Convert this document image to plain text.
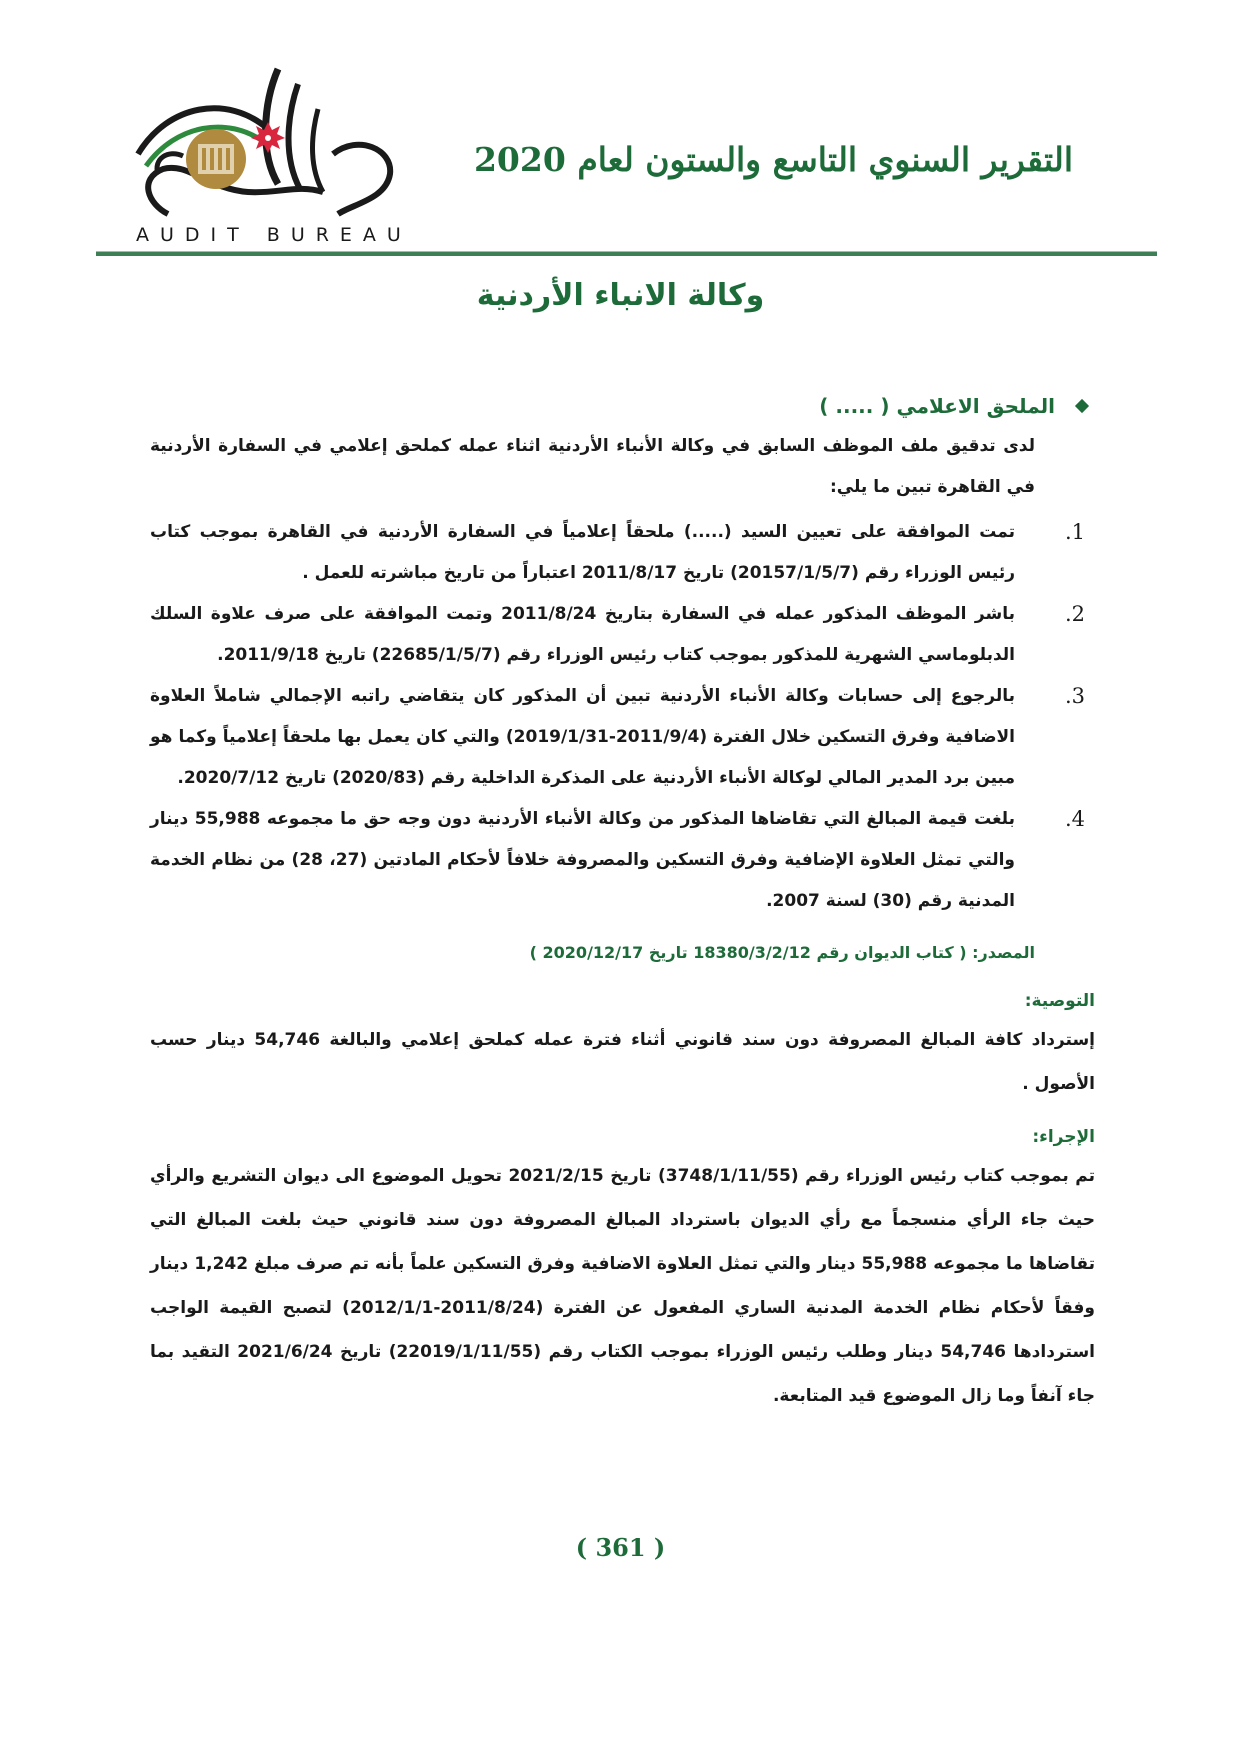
AUDIT BUREAU
التقرير السنوي التاسع والستون لعام 2020
وكالة الانباء الأردنية
الملحق الاعلامي ( ..... )
لدى تدقيق ملف الموظف السابق في وكالة الأنباء الأردنية اثناء عمله كملحق إعلامي في السفارة الأردنية في القاهرة تبين ما يلي:
1.
تمت الموافقة على تعيين السيد (.....) ملحقاً إعلامياً في السفارة الأردنية في القاهرة بموجب كتاب رئيس الوزراء رقم (20157/1/5/7) تاريخ 2011/8/17 اعتباراً من تاريخ مباشرته للعمل .
2.
باشر الموظف المذكور عمله في السفارة بتاريخ 2011/8/24 وتمت الموافقة على صرف علاوة السلك الدبلوماسي الشهرية للمذكور بموجب كتاب رئيس الوزراء رقم (22685/1/5/7) تاريخ 2011/9/18.
3.
بالرجوع إلى حسابات وكالة الأنباء الأردنية تبين أن المذكور كان يتقاضي راتبه الإجمالي شاملاً العلاوة الاضافية وفرق التسكين خلال الفترة (2011/9/4-2019/1/31) والتي كان يعمل بها ملحقاً إعلامياً وكما هو مبين برد المدير المالي لوكالة الأنباء الأردنية على المذكرة الداخلية رقم (2020/83) تاريخ 2020/7/12.
4.
بلغت قيمة المبالغ التي تقاضاها المذكور من وكالة الأنباء الأردنية دون وجه حق ما مجموعه 55,988 دينار والتي تمثل العلاوة الإضافية وفرق التسكين والمصروفة خلافاً لأحكام المادتين (27، 28) من نظام الخدمة المدنية رقم (30) لسنة 2007.
المصدر: ( كتاب الديوان رقم 18380/3/2/12 تاريخ 2020/12/17 )
التوصية:
إسترداد كافة المبالغ المصروفة دون سند قانوني أثناء فترة عمله كملحق إعلامي والبالغة 54,746 دينار حسب الأصول .
الإجراء:
تم بموجب كتاب رئيس الوزراء رقم (3748/1/11/55) تاريخ 2021/2/15 تحويل الموضوع الى ديوان التشريع والرأي حيث جاء الرأي منسجماً مع رأي الديوان باسترداد المبالغ المصروفة دون سند قانوني حيث بلغت المبالغ التي تقاضاها ما مجموعه 55,988 دينار والتي تمثل العلاوة الاضافية وفرق التسكين علماً بأنه تم صرف مبلغ 1,242 دينار وفقاً لأحكام نظام الخدمة المدنية الساري المفعول عن الفترة (2011/8/24-2012/1/1) لتصبح القيمة الواجب استردادها 54,746 دينار وطلب رئيس الوزراء بموجب الكتاب رقم (22019/1/11/55) تاريخ 2021/6/24 التقيد بما جاء آنفاً وما زال الموضوع قيد المتابعة.
( 361 )
